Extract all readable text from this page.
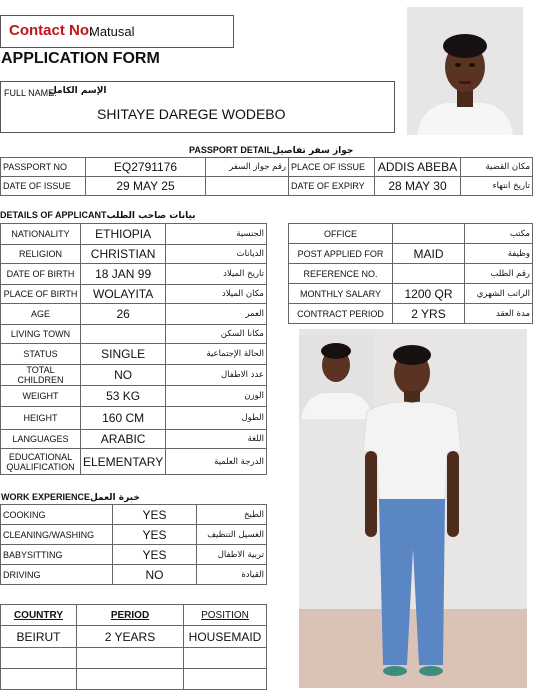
Contact No.
Matusal
APPLICATION FORM
FULL NAME:
الإسم الكامل
SHITAYE DAREGE WODEBO
PASSPORT DETAILجواز سفر تفاصيل
PASSPORT NO	EQ2791176	رقم جواز السفر	PLACE OF ISSUE	ADDIS ABEBA	مكان القضية
DATE OF ISSUE	29 MAY 25		DATE OF EXPIRY	28 MAY 30	تاريخ انتهاء
DETAILS OF APPLICANTبيانات صاحب الطلب
NATIONALITY	ETHIOPIA	الجنسية
RELIGION	CHRISTIAN	الديانات
DATE OF BIRTH	18 JAN 99	تاريخ الميلاد
PLACE OF BIRTH	WOLAYITA	مكان الميلاد
AGE	26	العمر
LIVING TOWN		مكانا السكن
STATUS	SINGLE	الحالة الإجتماعية
TOTAL CHILDREN	NO	عدد الاطفال
WEIGHT	53 KG	الوزن
HEIGHT	160 CM	الطول
LANGUAGES	ARABIC	اللغة
EDUCATIONAL QUALIFICATION	ELEMENTARY	الدرجة العلمية
OFFICE		مكتب
POST APPLIED FOR	MAID	وظيفة
REFERENCE NO.		رقم الطلب
MONTHLY SALARY	1200 QR	الراتب الشهري
CONTRACT PERIOD	2 YRS	مدة العقد
WORK EXPERIENCEخبرة العمل
COOKING	YES	الطبخ
CLEANING/WASHING	YES	الغسيل التنظيف
BABYSITTING	YES	تربية الاطفال
DRIVING	NO	القيادة
COUNTRY	PERIOD	POSITION
BEIRUT	2 YEARS	HOUSEMAID
